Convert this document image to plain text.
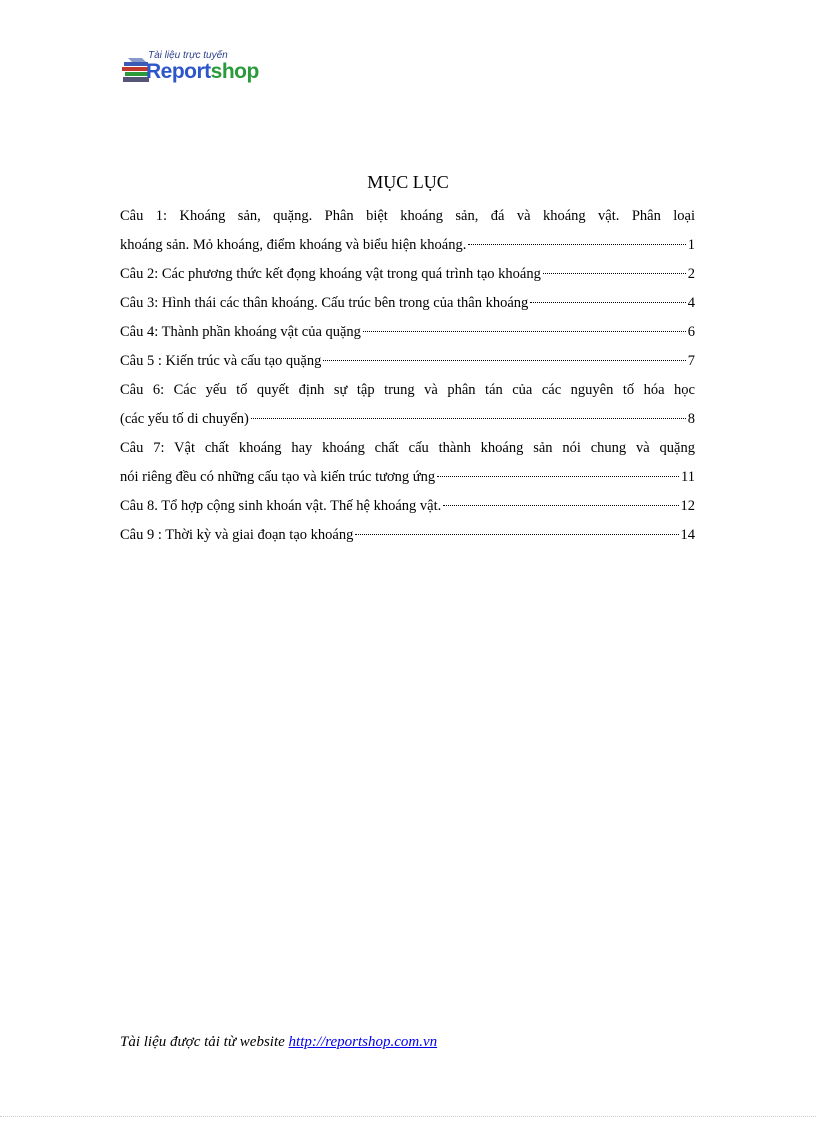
Tài liệu trực tuyến
Reportshop
MỤC LỤC
Câu 1: Khoáng sản, quặng. Phân biệt khoáng sản, đá và khoáng vật. Phân loại
khoáng sản. Mỏ khoáng, điểm khoáng và biểu hiện khoáng.	1
Câu 2: Các phương thức kết đọng khoáng vật trong quá trình tạo khoáng	2
Câu 3: Hình thái các thân khoáng. Cấu trúc bên trong của thân khoáng	4
Câu 4: Thành phần khoáng vật của quặng	6
Câu 5 : Kiến trúc và cấu tạo quặng	7
Câu 6: Các yếu tố quyết định sự tập trung và phân tán của các nguyên tố hóa học
(các yếu tố di chuyển)	8
Câu 7: Vật chất khoáng hay khoáng chất cấu thành khoáng sản nói chung và quặng
nói riêng đều có những cấu tạo và kiến trúc tương ứng	11
Câu 8. Tổ hợp cộng sinh khoán vật. Thế hệ khoáng vật.	12
Câu 9 : Thời kỳ và giai đoạn tạo khoáng	14
Tài liệu được tải từ website http://reportshop.com.vn
